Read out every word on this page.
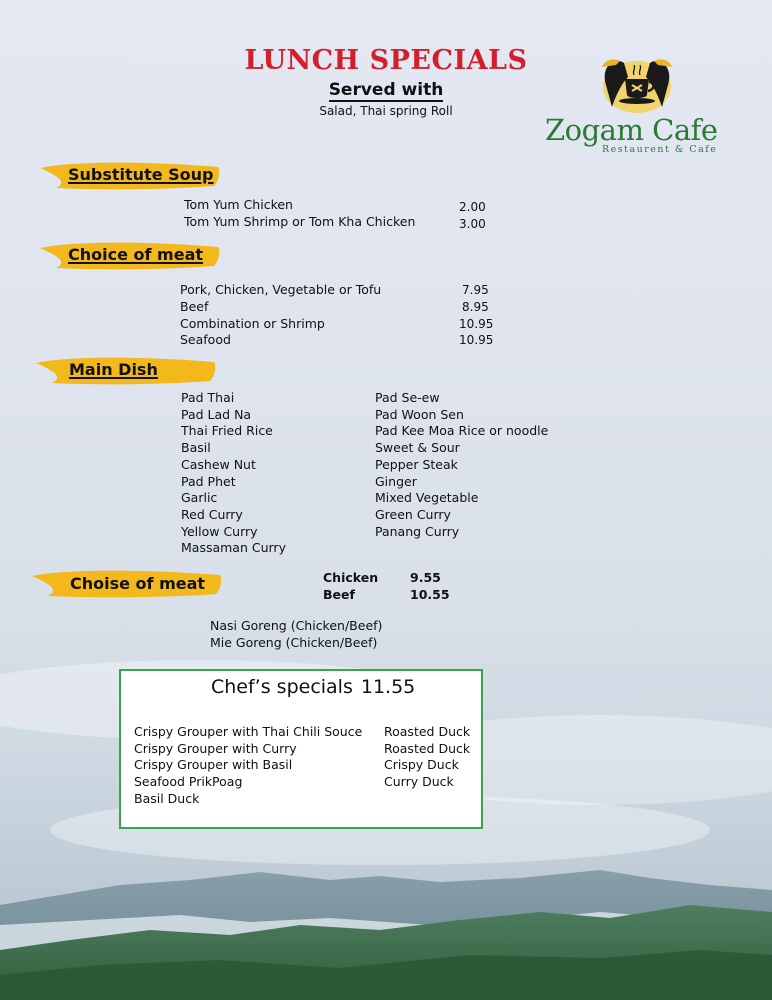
LUNCH SPECIALS
Served with
Salad, Thai spring Roll
Zogam Cafe
Restaurent & Cafe
Substitute Soup
Tom Yum Chicken	2.00
Tom Yum Shrimp or Tom Kha Chicken	3.00
Choice of meat
Pork, Chicken, Vegetable or Tofu	7.95
Beef	8.95
Combination or Shrimp	10.95
Seafood	10.95
Main Dish
Pad Thai
Pad Lad Na
Thai Fried Rice
Basil
Cashew Nut
Pad Phet
Garlic
Red Curry
Yellow Curry
Massaman Curry
Pad Se-ew
Pad Woon Sen
Pad Kee Moa Rice or noodle
Sweet & Sour
Pepper Steak
Ginger
Mixed Vegetable
Green Curry
Panang Curry
Choise of meat	Chicken	9.55
Beef	10.55
Nasi Goreng (Chicken/Beef)
Mie Goreng (Chicken/Beef)
Chef’s specials 11.55
Crispy Grouper with Thai Chili Souce
Crispy Grouper with Curry
Crispy Grouper with Basil
Seafood PrikPoag
Basil Duck
Roasted Duck
Roasted Duck
Crispy Duck
Curry Duck
